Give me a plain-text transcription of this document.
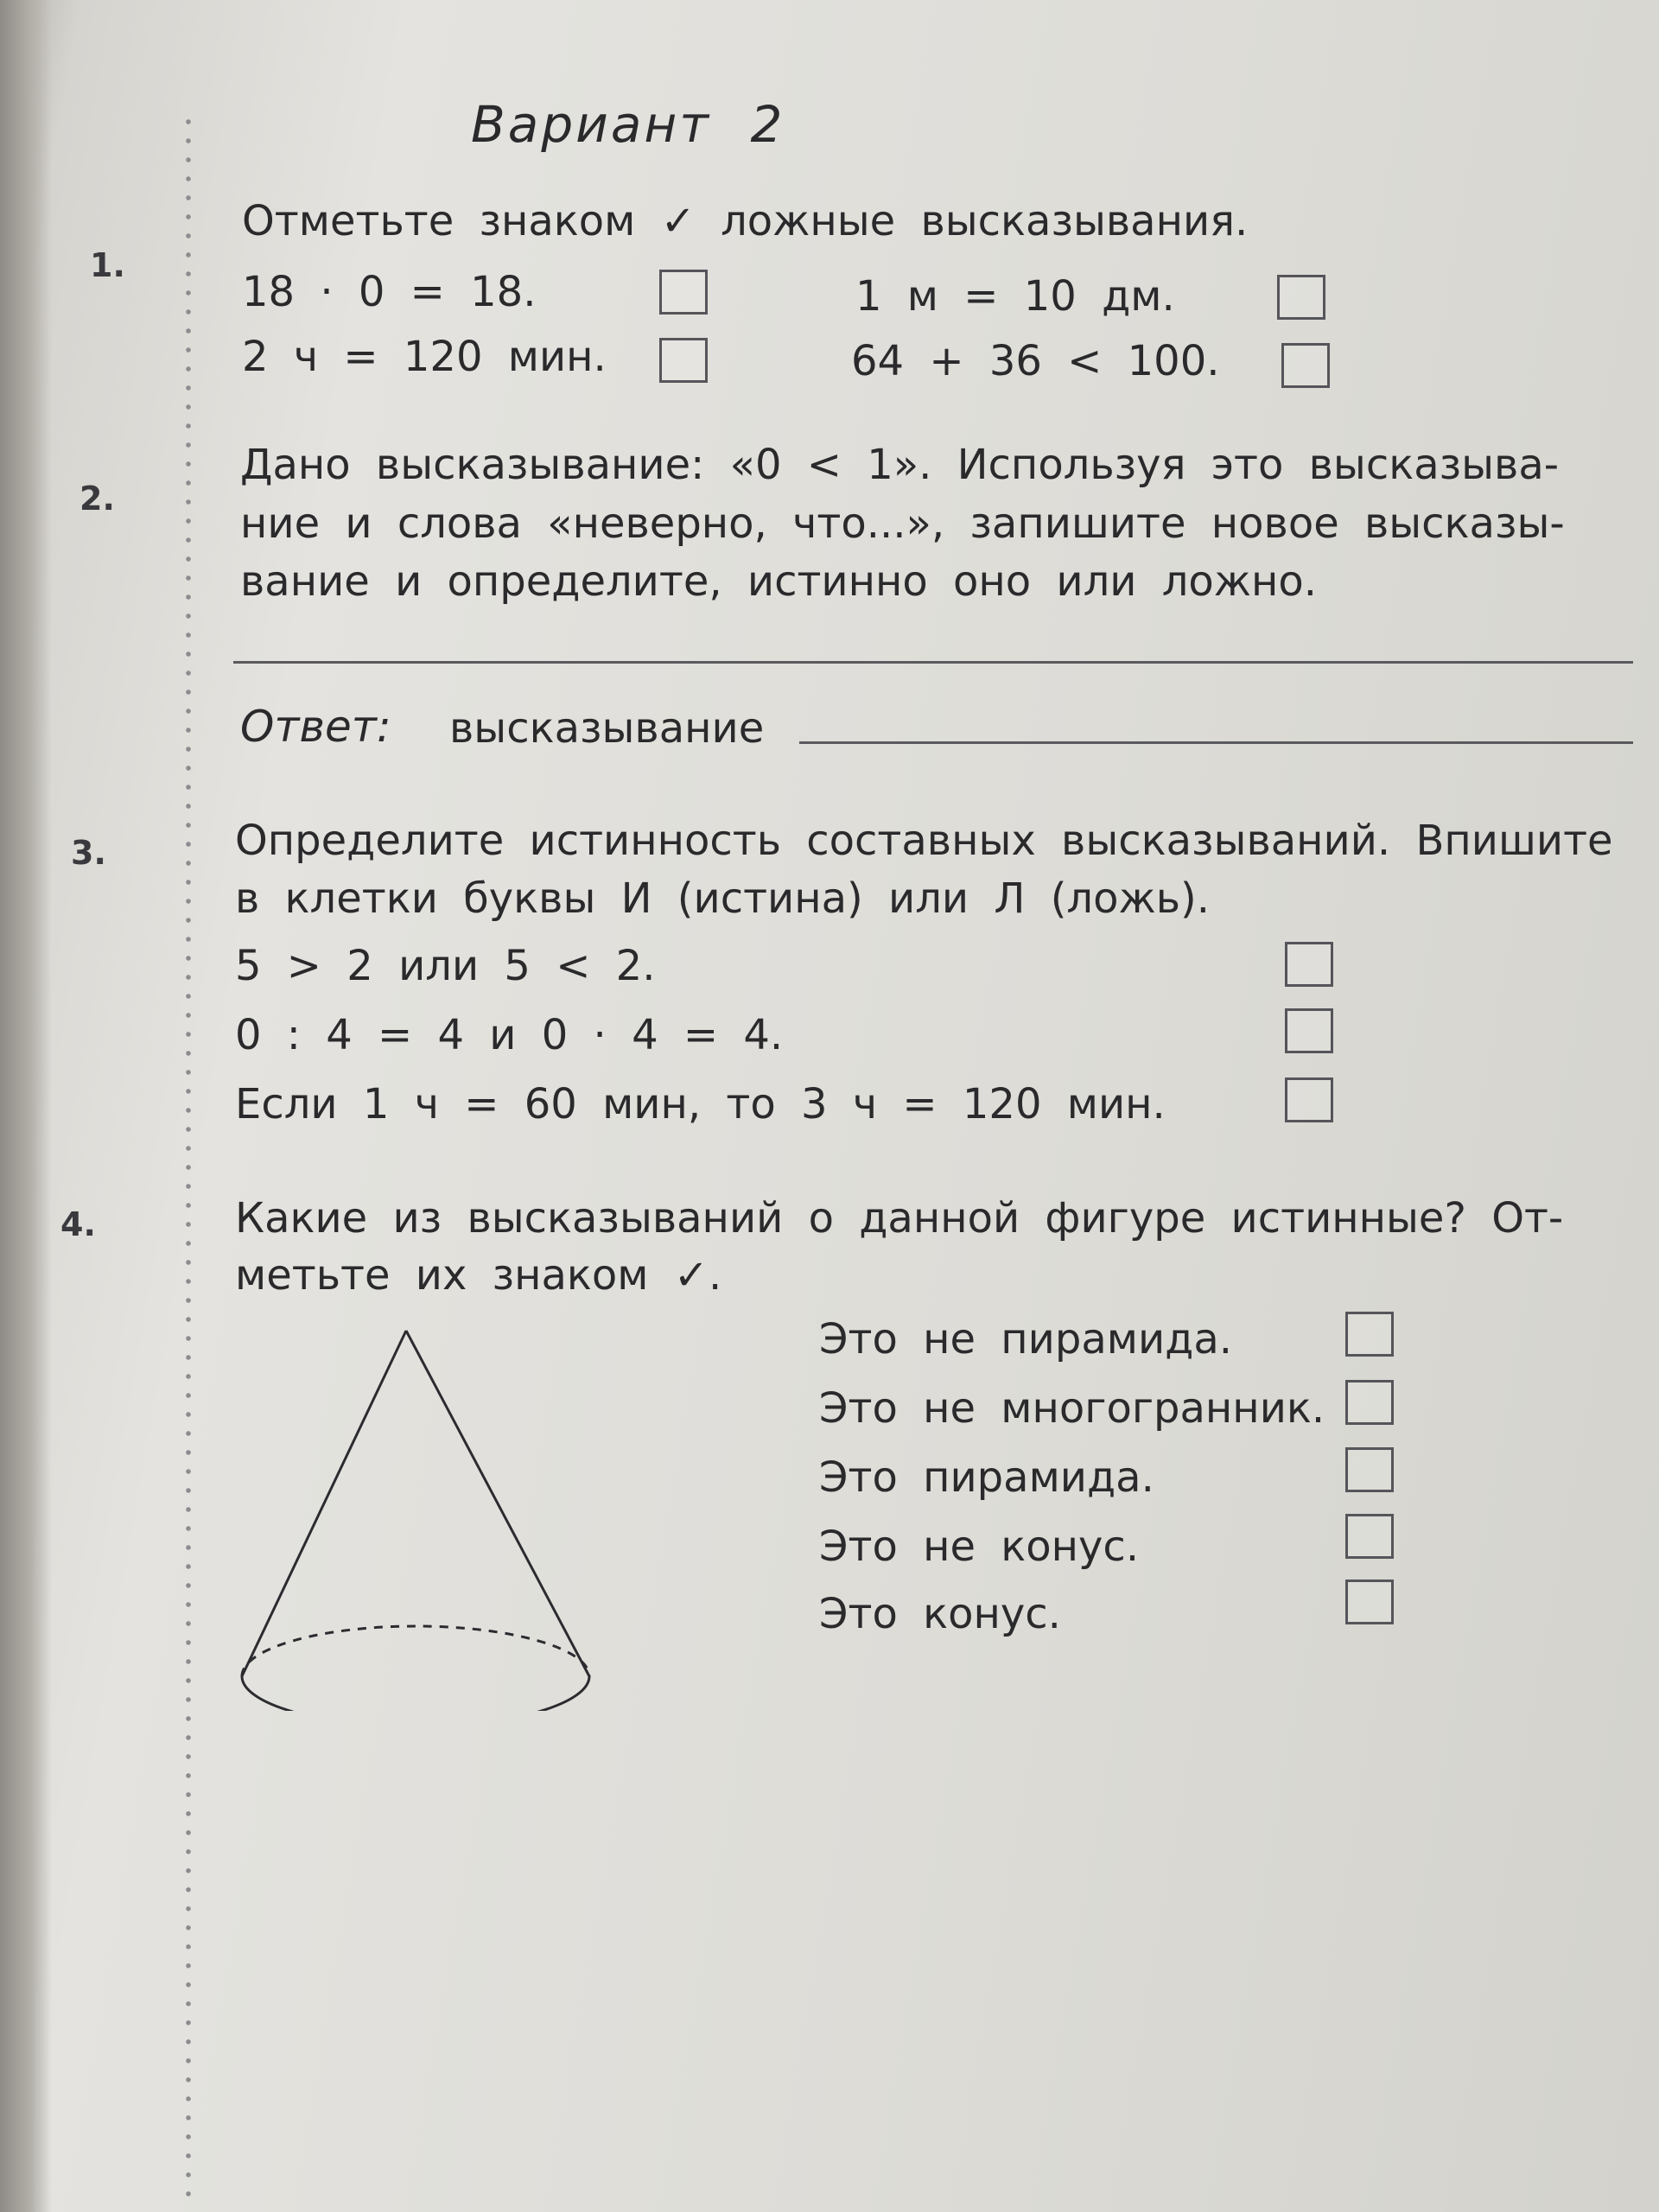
Вариант 2
1.
Отметьте знаком ✓ ложные высказывания.
18 · 0 = 18.	1 м = 10 дм.
2 ч = 120 мин.	64 + 36 < 100.
2.
Дано высказывание: «0 < 1». Используя это высказыва-
ние и слова «неверно, что...», запишите новое высказы-
вание и определите, истинно оно или ложно.
Ответ: высказывание
3.	Определите истинность составных высказываний. Впишите
в клетки буквы И (истина) или Л (ложь).
5 > 2 или 5 < 2.
0 : 4 = 4 и 0 · 4 = 4.
Если 1 ч = 60 мин, то 3 ч = 120 мин.
4.	Какие из высказываний о данной фигуре истинные? От-
метьте их знаком ✓.
Это не пирамида.
Это не многогранник.
Это пирамида.
Это не конус.
Это конус.
